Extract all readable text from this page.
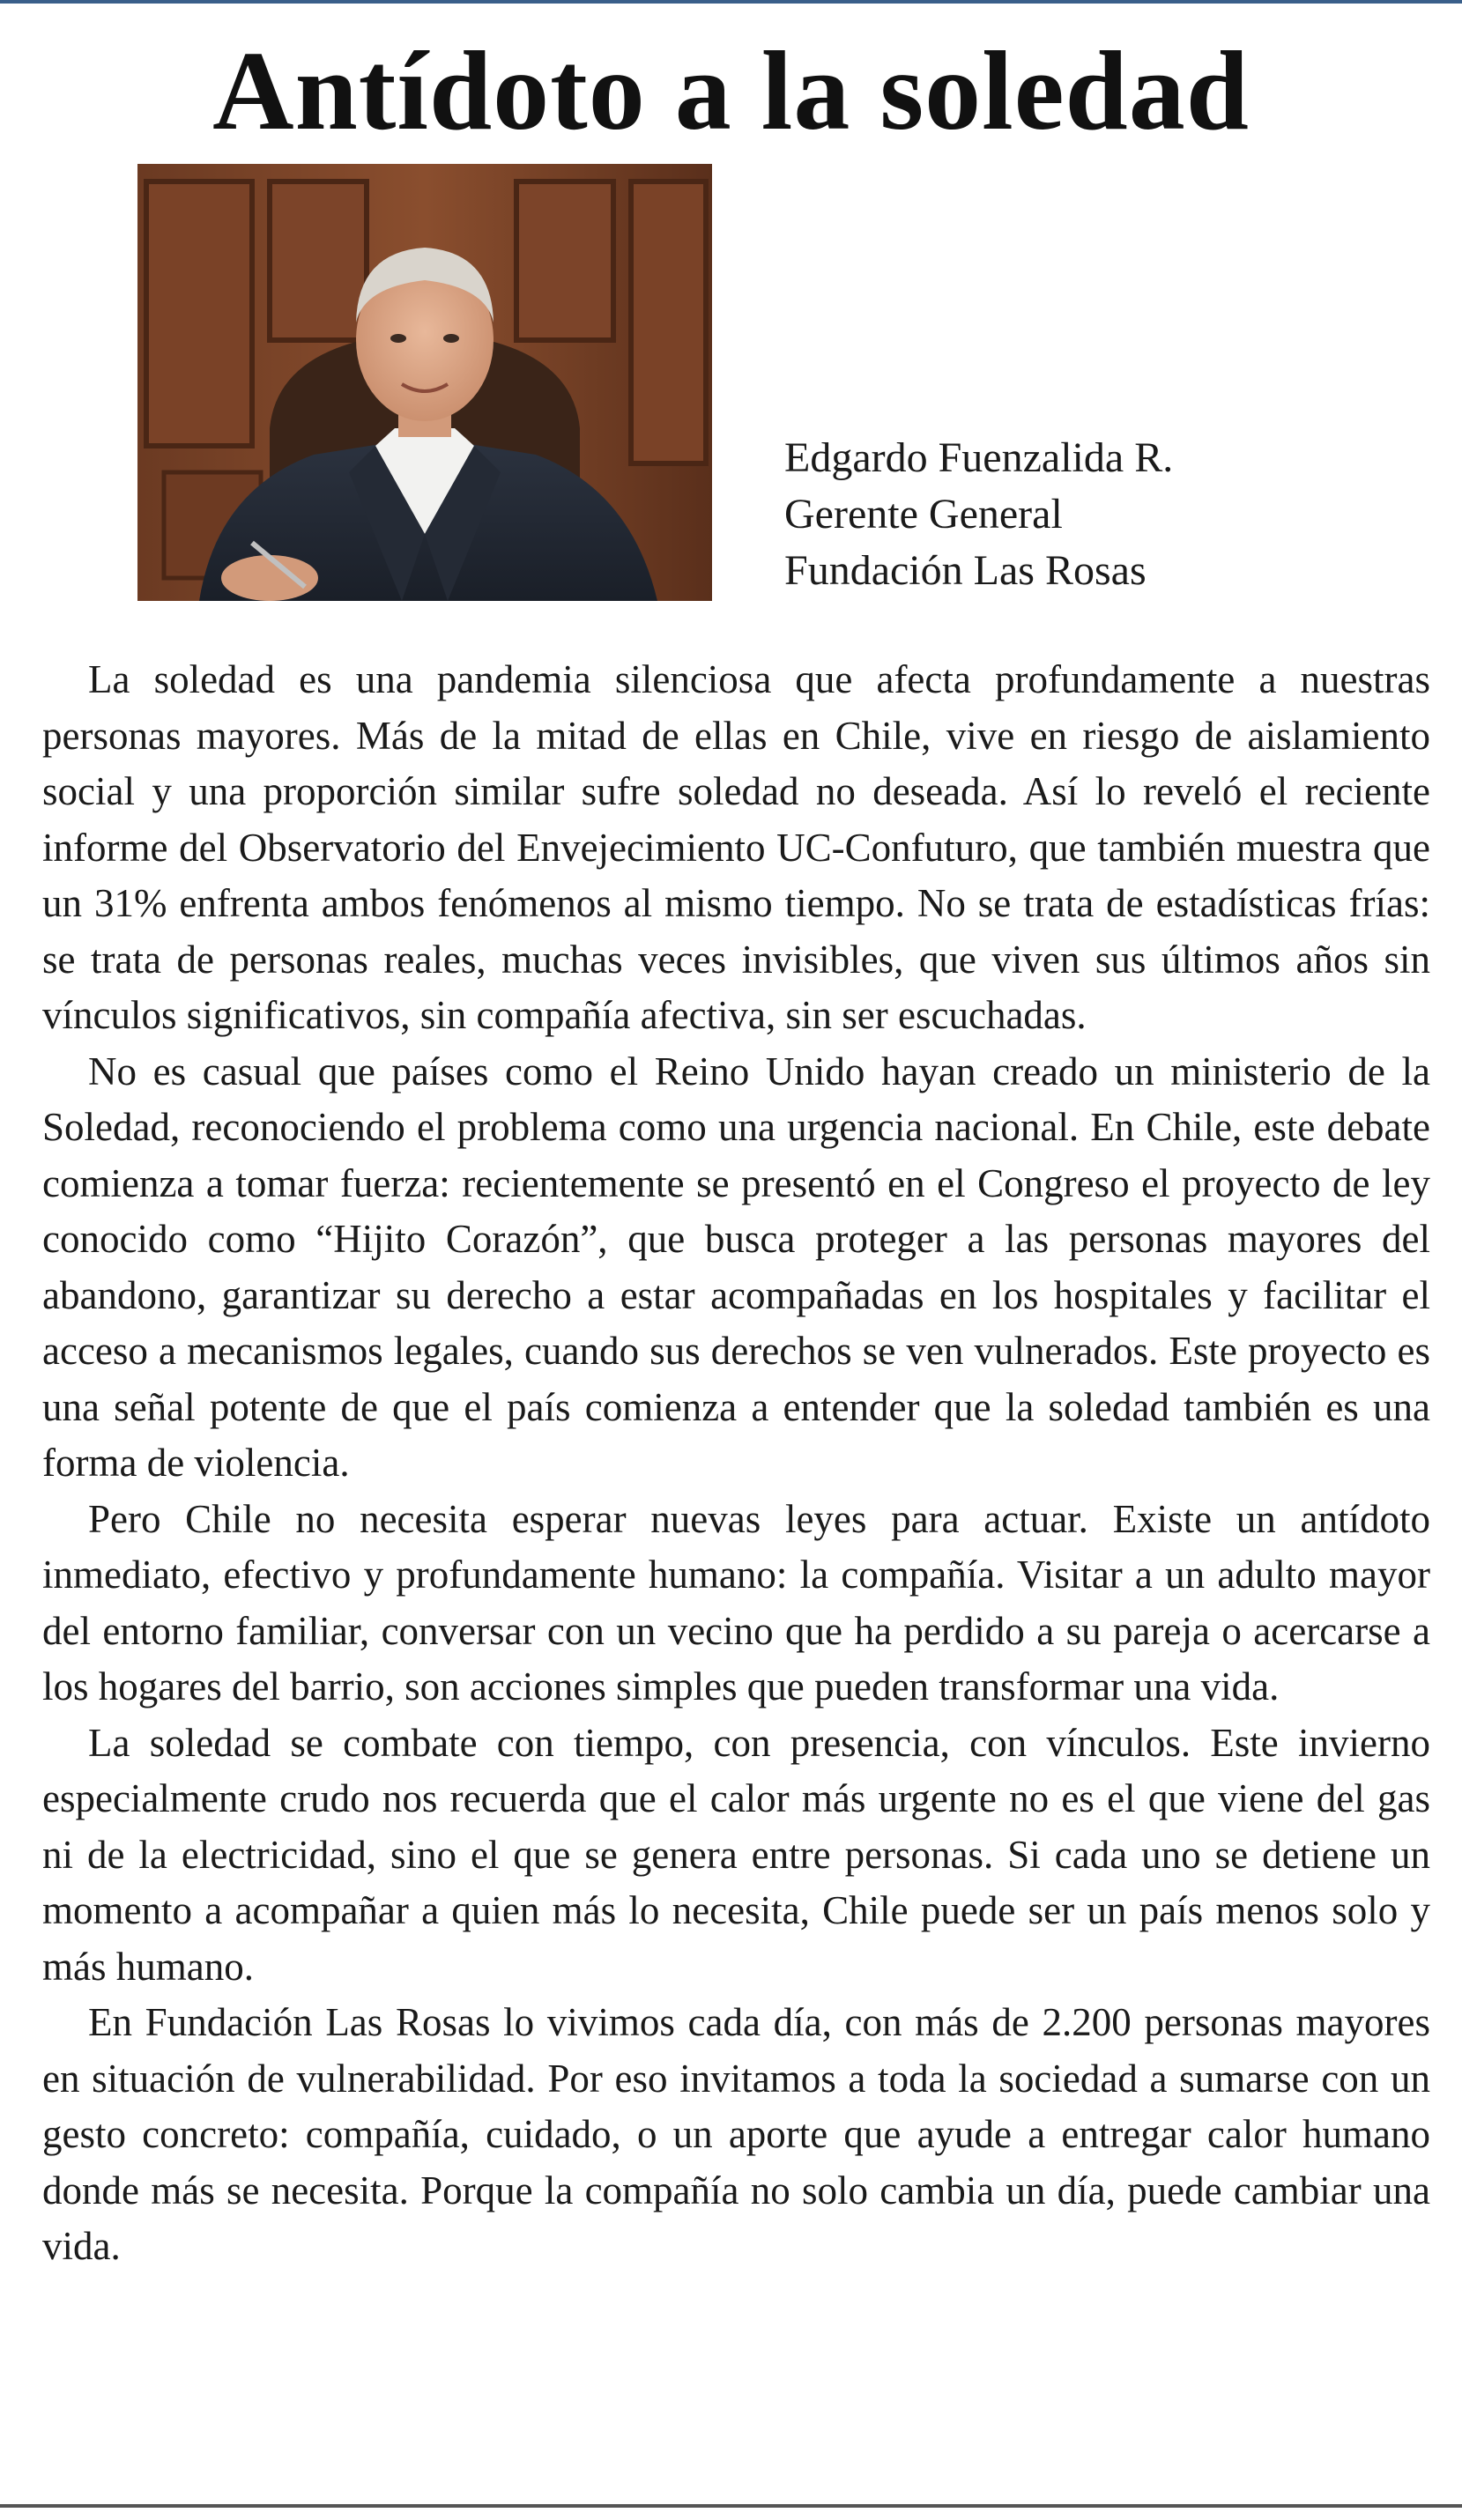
Antídoto a la soledad
Edgardo Fuenzalida R.
Gerente General
Fundación Las Rosas

La soledad es una pandemia silenciosa que afecta profundamente a nuestras personas mayores. Más de la mitad de ellas en Chile, vive en riesgo de aislamiento social y una proporción similar sufre soledad no deseada. Así lo reveló el reciente informe del Observatorio del Envejecimiento UC-Confuturo, que también muestra que un 31% enfrenta ambos fenómenos al mismo tiempo. No se trata de estadísticas frías: se trata de personas reales, muchas veces invisibles, que viven sus últimos años sin vínculos significativos, sin compañía afectiva, sin ser escuchadas.

No es casual que países como el Reino Unido hayan creado un ministerio de la Soledad, reconociendo el problema como una urgencia nacional. En Chile, este debate comienza a tomar fuerza: recientemente se presentó en el Congreso el proyecto de ley conocido como “Hijito Corazón”, que busca proteger a las personas mayores del abandono, garantizar su derecho a estar acompañadas en los hospitales y facilitar el acceso a mecanismos legales, cuando sus derechos se ven vulnerados. Este proyecto es una señal potente de que el país comienza a entender que la soledad también es una forma de violencia.

Pero Chile no necesita esperar nuevas leyes para actuar. Existe un antídoto inmediato, efectivo y profundamente humano: la compañía. Visitar a un adulto mayor del entorno familiar, conversar con un vecino que ha perdido a su pareja o acercarse a los hogares del barrio, son acciones simples que pueden transformar una vida.

La soledad se combate con tiempo, con presencia, con vínculos. Este invierno especialmente crudo nos recuerda que el calor más urgente no es el que viene del gas ni de la electricidad, sino el que se genera entre personas. Si cada uno se detiene un momento a acompañar a quien más lo necesita, Chile puede ser un país menos solo y más humano.

En Fundación Las Rosas lo vivimos cada día, con más de 2.200 personas mayores en situación de vulnerabilidad. Por eso invitamos a toda la sociedad a sumarse con un gesto concreto: compañía, cuidado, o un aporte que ayude a entregar calor humano donde más se necesita. Porque la compañía no solo cambia un día, puede cambiar una vida.
